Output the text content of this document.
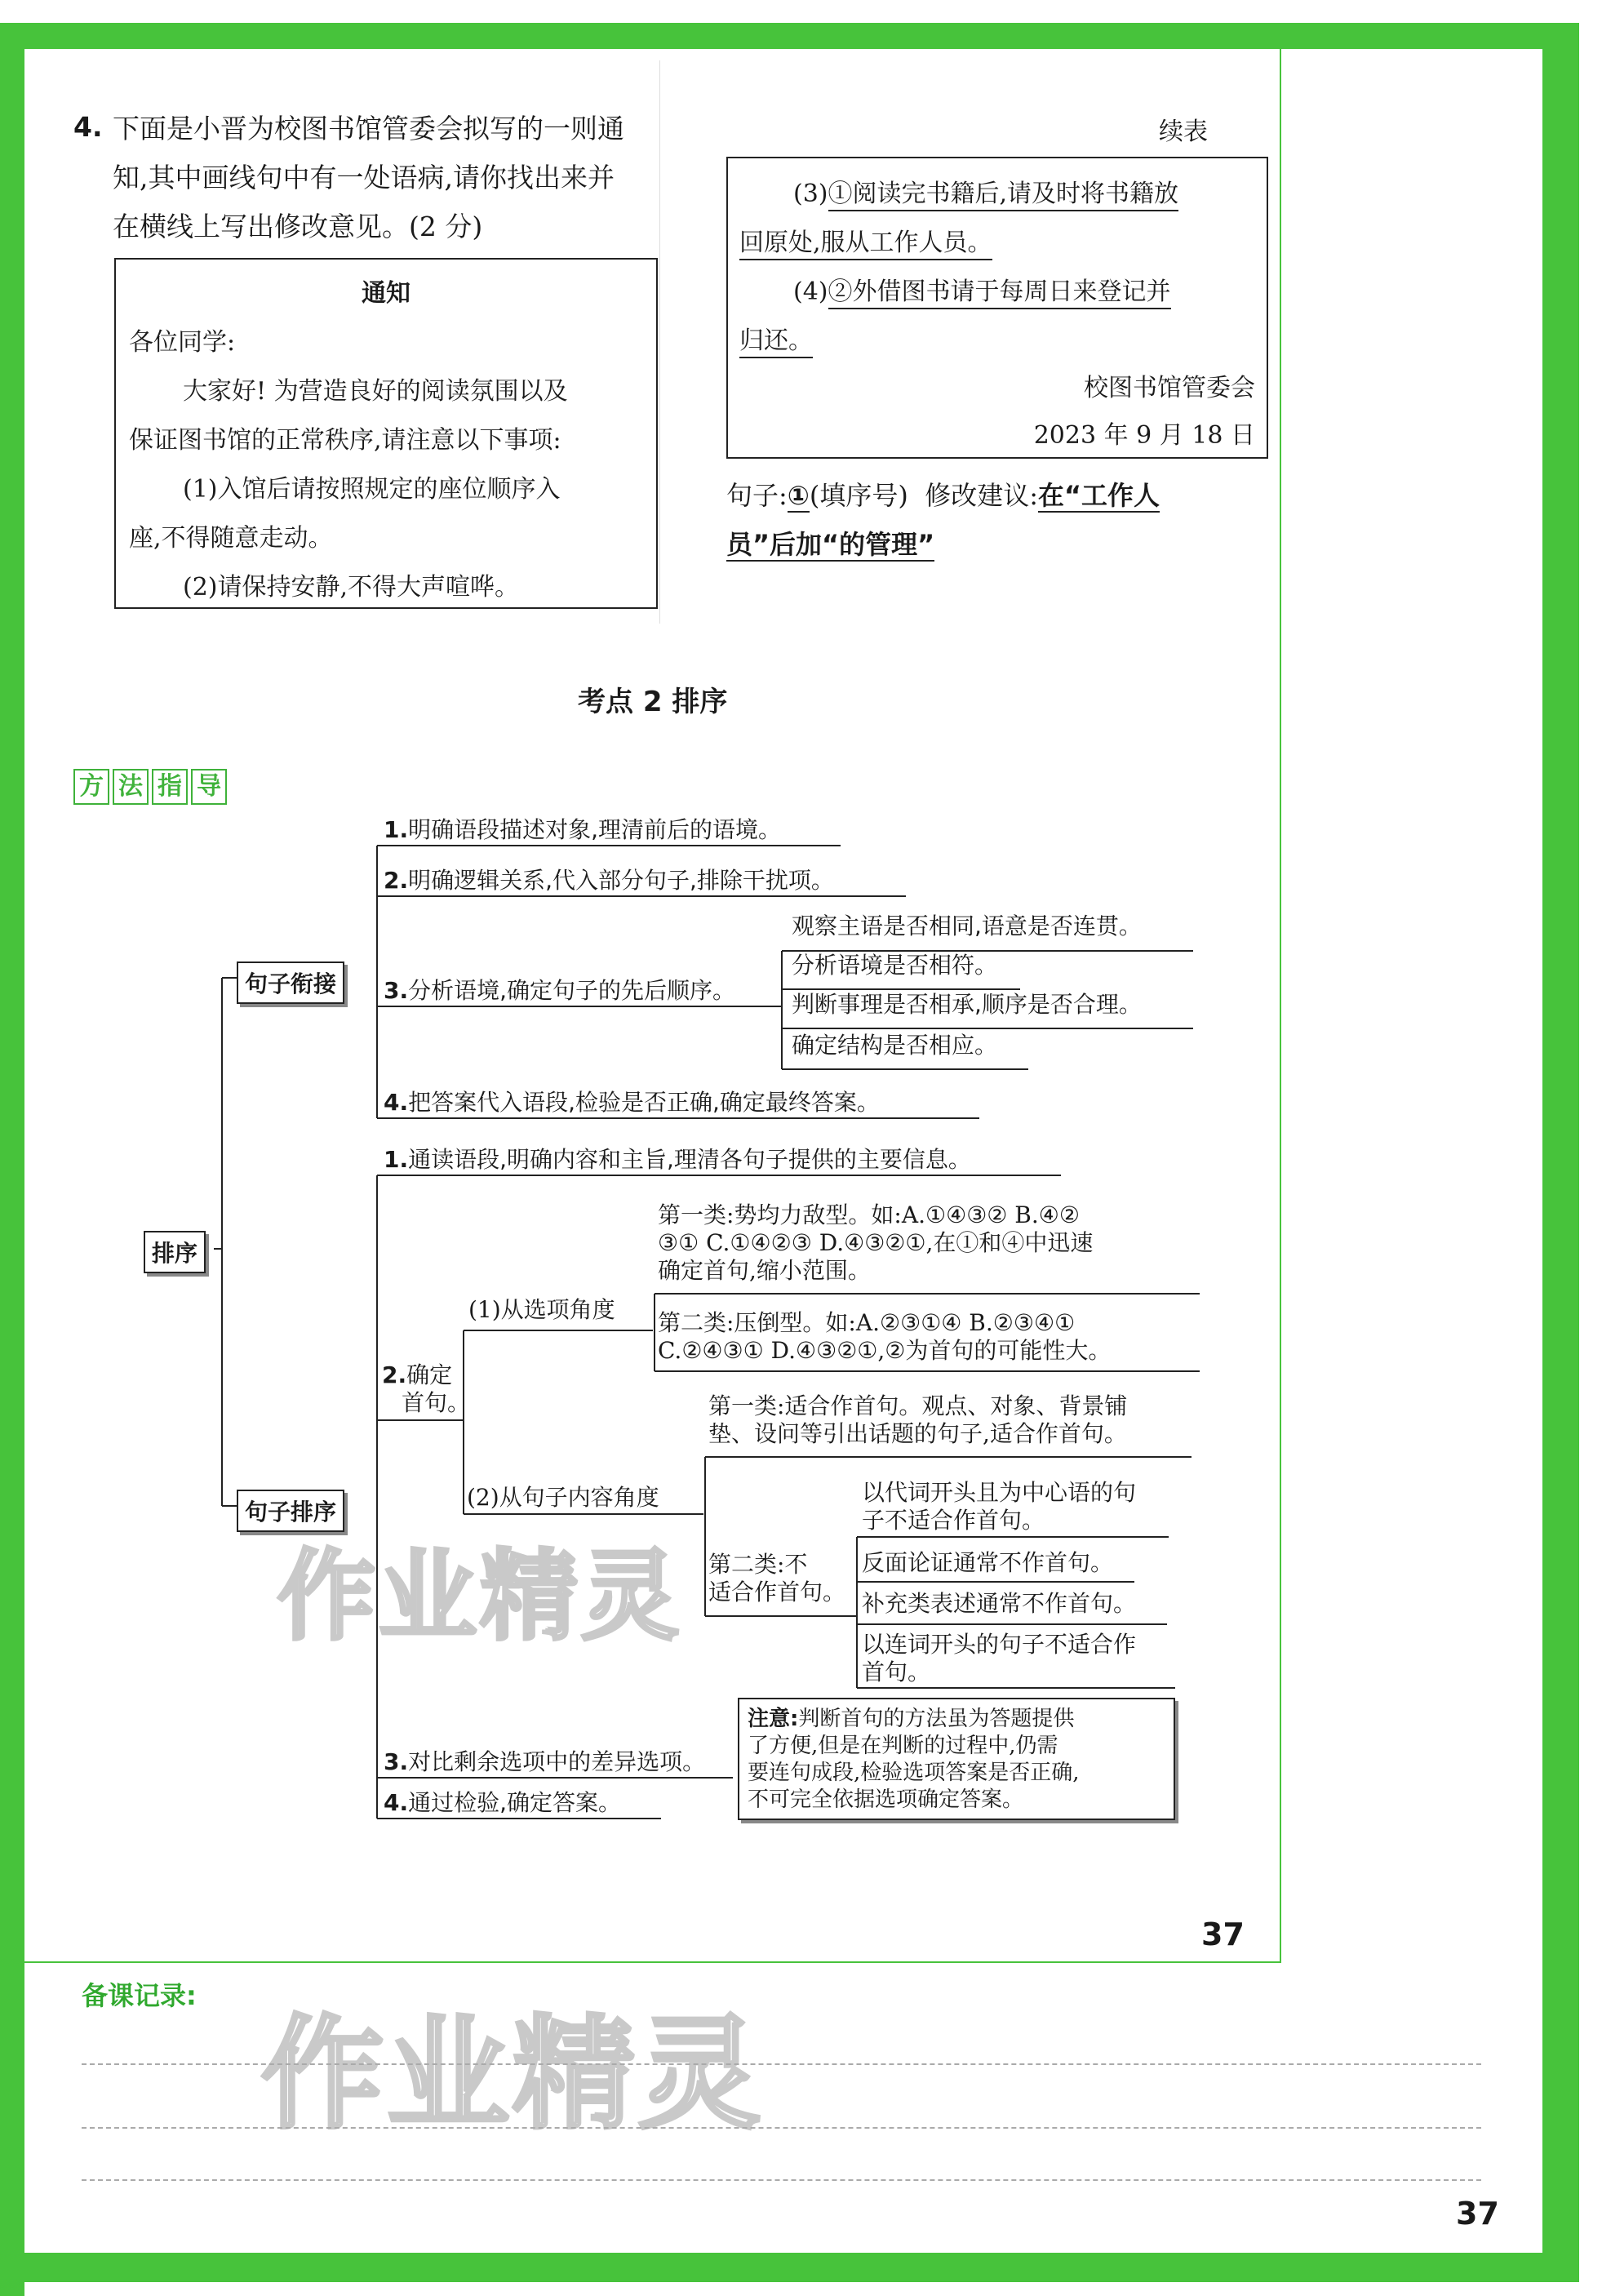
4. 下面是小晋为校图书馆管委会拟写的一则通
知,其中画线句中有一处语病,请你找出来并
在横线上写出修改意见。(2 分)
通知
各位同学:
大家好! 为营造良好的阅读氛围以及
保证图书馆的正常秩序,请注意以下事项:
(1)入馆后请按照规定的座位顺序入
座,不得随意走动。
(2)请保持安静,不得大声喧哗。
续表
(3)①阅读完书籍后,请及时将书籍放
回原处,服从工作人员。
(4)②外借图书请于每周日来登记并
归还。
校图书馆管委会
2023 年 9 月 18 日
句子:①(填序号) 修改建议:在“工作人
员”后加“的管理”
考点 2 排序
方 法 指 导
排序
句子衔接
句子排序
1.明确语段描述对象,理清前后的语境。
2.明确逻辑关系,代入部分句子,排除干扰项。
3.分析语境,确定句子的先后顺序。
4.把答案代入语段,检验是否正确,确定最终答案。
观察主语是否相同,语意是否连贯。
分析语境是否相符。
判断事理是否相承,顺序是否合理。
确定结构是否相应。
1.通读语段,明确内容和主旨,理清各句子提供的主要信息。
2.确定
首句。
(1)从选项角度
第一类:势均力敌型。如:A.①④③② B.④②
③① C.①④②③ D.④③②①,在①和④中迅速
确定首句,缩小范围。
第二类:压倒型。如:A.②③①④ B.②③④①
C.②④③① D.④③②①,②为首句的可能性大。
(2)从句子内容角度
第一类:适合作首句。观点、对象、背景铺
垫、设问等引出话题的句子,适合作首句。
第二类:不
适合作首句。
以代词开头且为中心语的句
子不适合作首句。
反面论证通常不作首句。
补充类表述通常不作首句。
以连词开头的句子不适合作
首句。
3.对比剩余选项中的差异选项。
4.通过检验,确定答案。
注意:判断首句的方法虽为答题提供
了方便,但是在判断的过程中,仍需
要连句成段,检验选项答案是否正确,
不可完全依据选项确定答案。
作业精灵
作业精灵
37
37
备课记录:
